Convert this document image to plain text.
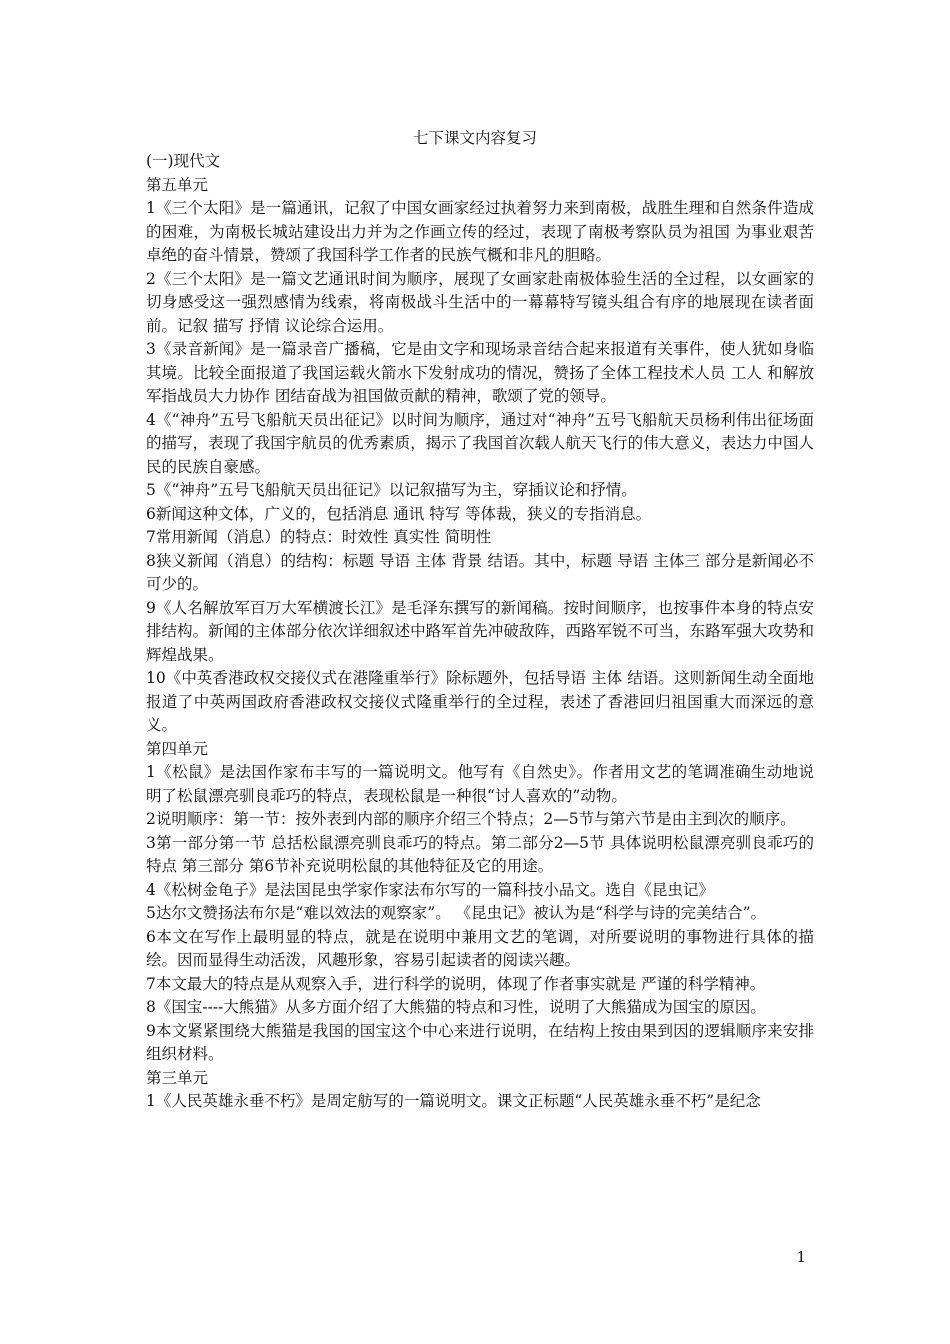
七下课文内容复习

(一)现代文

第五单元

1《三个太阳》是一篇通讯，记叙了中国女画家经过执着努力来到南极，战胜生理和自然条件造成的困难，为南极长城站建设出力并为之作画立传的经过，表现了南极考察队员为祖国 为事业艰苦卓绝的奋斗情景，赞颂了我国科学工作者的民族气概和非凡的胆略。

2《三个太阳》是一篇文艺通讯时间为顺序，展现了女画家赴南极体验生活的全过程，以女画家的切身感受这一强烈感情为线索，将南极战斗生活中的一幕幕特写镜头组合有序的地展现在读者面前。记叙 描写 抒情 议论综合运用。

3《录音新闻》是一篇录音广播稿，它是由文字和现场录音结合起来报道有关事件，使人犹如身临其境。比较全面报道了我国运载火箭水下发射成功的情况，赞扬了全体工程技术人员 工人 和解放军指战员大力协作 团结奋战为祖国做贡献的精神，歌颂了党的领导。

4《“神舟”五号飞船航天员出征记》以时间为顺序，通过对“神舟”五号飞船航天员杨利伟出征场面的描写，表现了我国宇航员的优秀素质，揭示了我国首次载人航天飞行的伟大意义，表达力中国人民的民族自豪感。

5《“神舟”五号飞船航天员出征记》以记叙描写为主，穿插议论和抒情。

6新闻这种文体，广义的，包括消息 通讯 特写 等体裁，狭义的专指消息。

7常用新闻（消息）的特点：时效性 真实性 简明性

8狭义新闻（消息）的结构：标题 导语 主体 背景 结语。其中，标题 导语 主体三 部分是新闻必不可少的。

9《人名解放军百万大军横渡长江》是毛泽东撰写的新闻稿。按时间顺序，也按事件本身的特点安排结构。新闻的主体部分依次详细叙述中路军首先冲破敌阵，西路军锐不可当，东路军强大攻势和辉煌战果。

10《中英香港政权交接仪式在港隆重举行》除标题外，包括导语 主体 结语。这则新闻生动全面地报道了中英两国政府香港政权交接仪式隆重举行的全过程，表述了香港回归祖国重大而深远的意义。

第四单元

1《松鼠》是法国作家布丰写的一篇说明文。他写有《自然史》。作者用文艺的笔调准确生动地说明了松鼠漂亮驯良乖巧的特点，表现松鼠是一种很“讨人喜欢的”动物。

2说明顺序：第一节：按外表到内部的顺序介绍三个特点；2—5节与第六节是由主到次的顺序。

3第一部分第一节 总括松鼠漂亮驯良乖巧的特点。第二部分2—5节 具体说明松鼠漂亮驯良乖巧的特点 第三部分 第6节补充说明松鼠的其他特征及它的用途。

4《松树金龟子》是法国昆虫学家作家法布尔写的一篇科技小品文。选自《昆虫记》

5达尔文赞扬法布尔是“难以效法的观察家”。 《昆虫记》被认为是“科学与诗的完美结合”。

6本文在写作上最明显的特点，就是在说明中兼用文艺的笔调，对所要说明的事物进行具体的描绘。因而显得生动活泼，风趣形象，容易引起读者的阅读兴趣。

7本文最大的特点是从观察入手，进行科学的说明，体现了作者事实就是 严谨的科学精神。

8《国宝----大熊猫》从多方面介绍了大熊猫的特点和习性，说明了大熊猫成为国宝的原因。

9本文紧紧围绕大熊猫是我国的国宝这个中心来进行说明，在结构上按由果到因的逻辑顺序来安排组织材料。

第三单元

1《人民英雄永垂不朽》是周定舫写的一篇说明文。课文正标题“人民英雄永垂不朽”是纪念

1
